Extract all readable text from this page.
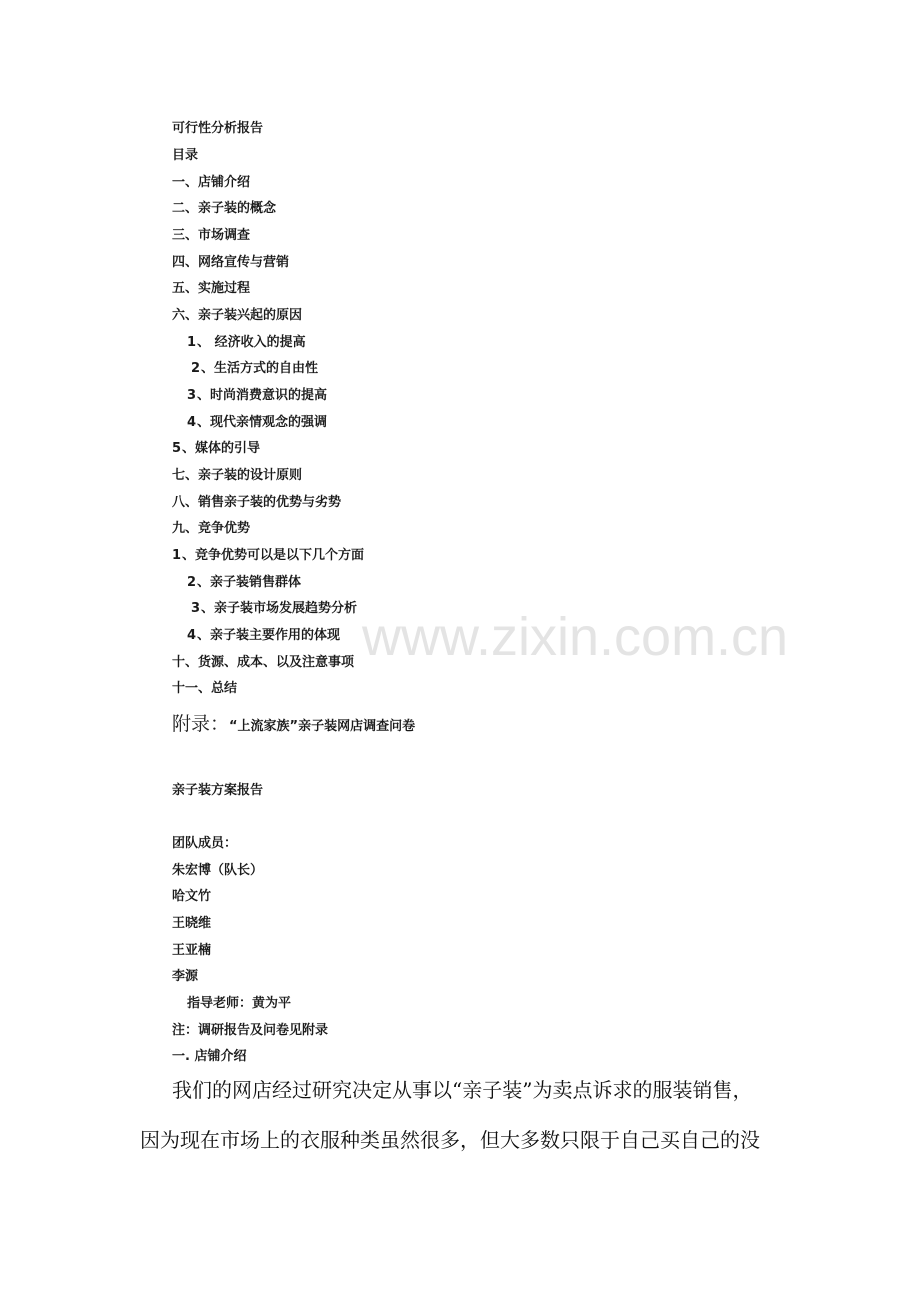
www.zixin.com.cn
可行性分析报告
目录
一、店铺介绍
二、亲子装的概念
三、市场调查
四、网络宣传与营销
五、实施过程
六、亲子装兴起的原因
1、 经济收入的提高
2、生活方式的自由性
3、时尚消费意识的提高
4、现代亲情观念的强调
5、媒体的引导
七、亲子装的设计原则
八、销售亲子装的优势与劣势
九、竞争优势
1、竞争优势可以是以下几个方面
2、亲子装销售群体
3、亲子装市场发展趋势分析
4、亲子装主要作用的体现
十、货源、成本、以及注意事项
十一、总结
附录：“上流家族”亲子装网店调查问卷
亲子装方案报告
团队成员：
朱宏博（队长）
哈文竹
王晓维
王亚楠
李源
指导老师：黄为平
注：调研报告及问卷见附录
一. 店铺介绍
我们的网店经过研究决定从事以“亲子装”为卖点诉求的服装销售，
因为现在市场上的衣服种类虽然很多，但大多数只限于自己买自己的没
